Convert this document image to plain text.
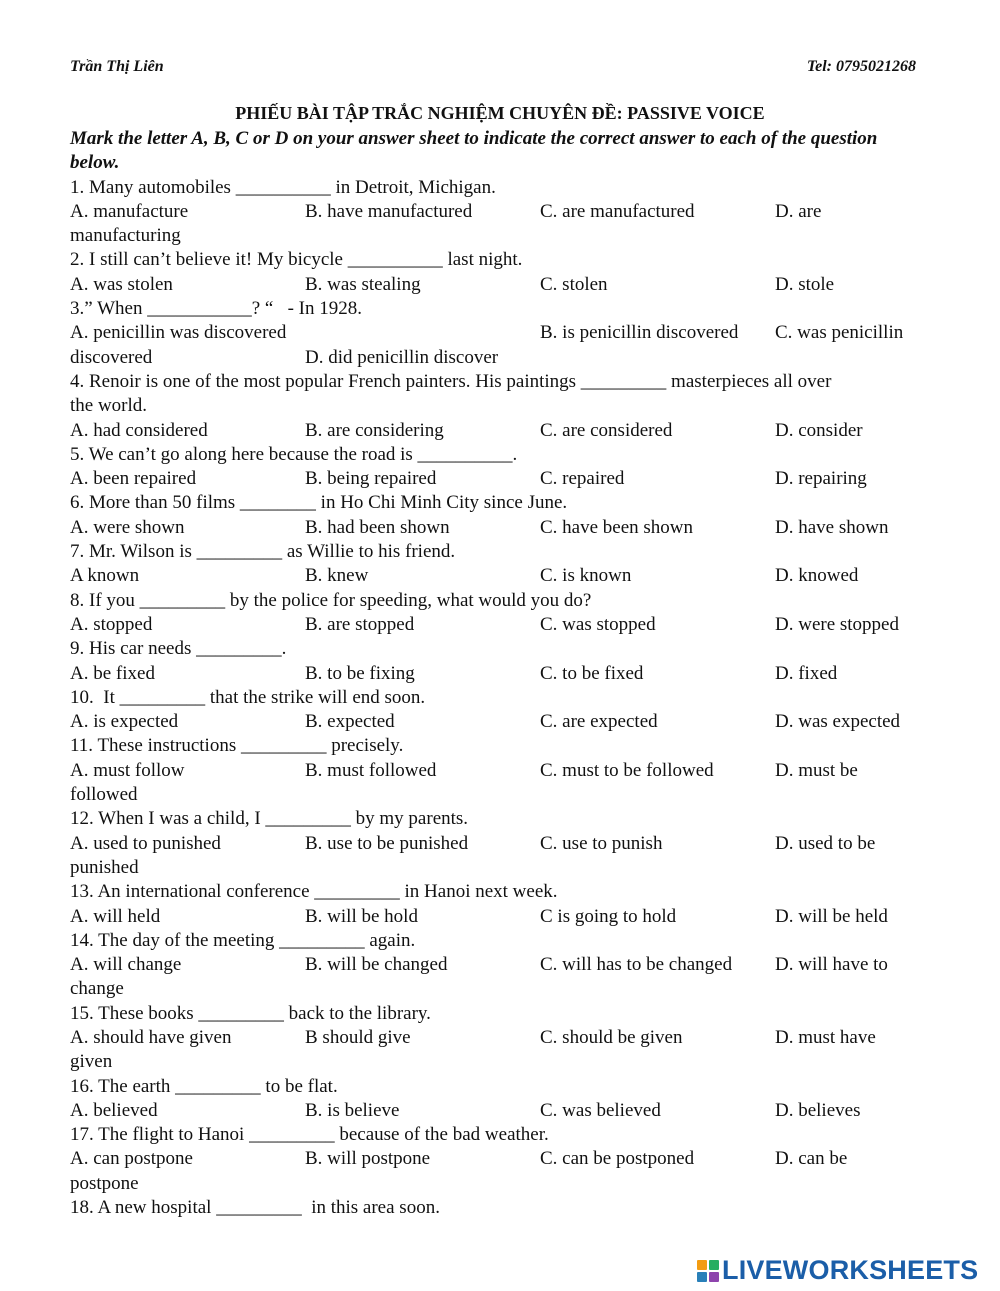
Trần Thị Liên	Tel: 0795021268
PHIẾU BÀI TẬP TRẮC NGHIỆM CHUYÊN ĐỀ: PASSIVE VOICE
Mark the letter A, B, C or D on your answer sheet to indicate the correct answer to each of the question below.
1. Many automobiles __________ in Detroit, Michigan.
A. manufacture	B. have manufactured	C. are manufactured	D. are
manufacturing
2. I still can’t believe it! My bicycle __________ last night.
A. was stolen	B. was stealing	C. stolen	D. stole
3.” When ___________? “   - In 1928.
A. penicillin was discovered	B. is penicillin discovered	C. was penicillin
discovered	D. did penicillin discover
4. Renoir is one of the most popular French painters. His paintings _________ masterpieces all over
the world.
A. had considered	B. are considering	C. are considered	D. consider
5. We can’t go along here because the road is __________.
A. been repaired	B. being repaired	C. repaired	D. repairing
6. More than 50 films ________ in Ho Chi Minh City since June.
A. were shown	B. had been shown	C. have been shown	D. have shown
7. Mr. Wilson is _________ as Willie to his friend.
A known	B. knew	C. is known	D. knowed
8. If you _________ by the police for speeding, what would you do?
A. stopped	B. are stopped	C. was stopped	D. were stopped
9. His car needs _________.
A. be fixed	B. to be fixing	C. to be fixed	D. fixed
10.  It _________ that the strike will end soon.
A. is expected	B. expected	C. are expected	D. was expected
11. These instructions _________ precisely.
A. must follow	B. must followed	C. must to be followed	D. must be
followed
12. When I was a child, I _________ by my parents.
A. used to punished	B. use to be punished	C. use to punish	D. used to be
punished
13. An international conference _________ in Hanoi next week.
A. will held	B. will be hold	C is going to hold	D. will be held
14. The day of the meeting _________ again.
A. will change	B. will be changed	C. will has to be changed	D. will have to
change
15. These books _________ back to the library.
A. should have given	B should give	C. should be given	D. must have
given
16. The earth _________ to be flat.
A. believed	B. is believe	C. was believed	D. believes
17. The flight to Hanoi _________ because of the bad weather.
A. can postpone	B. will postpone	C. can be postponed	D. can be
postpone
18. A new hospital _________  in this area soon.
LIVEWORKSHEETS
